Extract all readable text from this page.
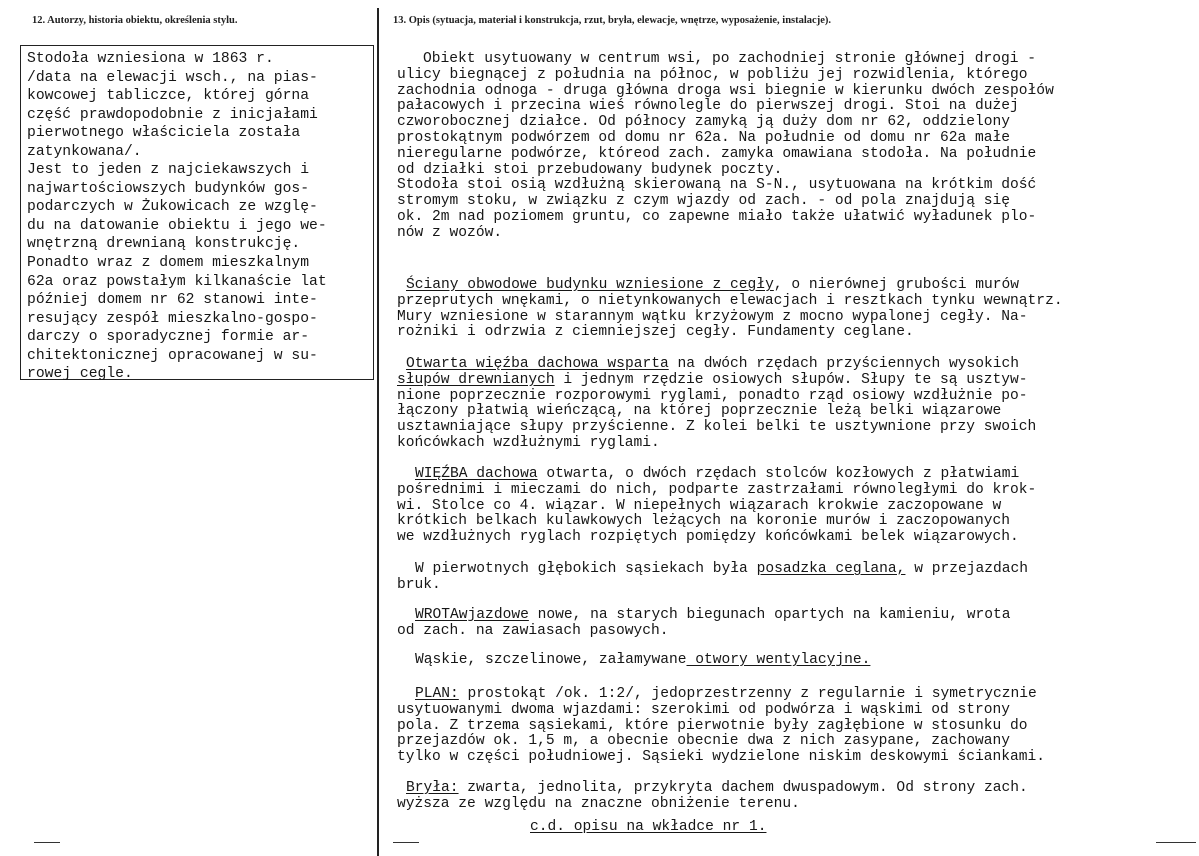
12. Autorzy, historia obiektu, określenia stylu.	13. Opis (sytuacja, materiał i konstrukcja, rzut, bryła, elewacje, wnętrze, wyposażenie, instalacje).
Stodoła wzniesiona w 1863 r.
/data na elewacji wsch., na pias-
kowcowej tabliczce, której górna
część prawdopodobnie z inicjałami
pierwotnego właściciela została
zatynkowana/.
Jest to jeden z najciekawszych i
najwartościowszych budynków gos-
podarczych w Żukowicach ze wzglę-
du na datowanie obiektu i jego we-
wnętrzną drewnianą konstrukcję.
Ponadto wraz z domem mieszkalnym
62a oraz powstałym kilkanaście lat
później domem nr 62 stanowi inte-
resujący zespół mieszkalno-gospo-
darczy o sporadycznej formie ar-
chitektonicznej opracowanej w su-
rowej cegle.
Obiekt usytuowany w centrum wsi, po zachodniej stronie głównej drogi -
ulicy biegnącej z południa na północ, w pobliżu jej rozwidlenia, którego
zachodnia odnoga - druga główna droga wsi biegnie w kierunku dwóch zespołów
pałacowych i przecina wieś równolegle do pierwszej drogi. Stoi na dużej
czworobocznej działce. Od północy zamyką ją duży dom nr 62, oddzielony
prostokątnym podwórzem od domu nr 62a. Na południe od domu nr 62a małe
nieregularne podwórze, któreod zach. zamyka omawiana stodoła. Na południe
od działki stoi przebudowany budynek poczty.
Stodoła stoi osią wzdłużną skierowaną na S-N., usytuowana na krótkim dość
stromym stoku, w związku z czym wjazdy od zach. - od pola znajdują się
ok. 2m nad poziomem gruntu, co zapewne miało także ułatwić wyładunek plo-
nów z wozów.
Ściany obwodowe budynku wzniesione z cegły, o nierównej grubości murów
przeprutych wnękami, o nietynkowanych elewacjach i resztkach tynku wewnątrz.
Mury wzniesione w starannym wątku krzyżowym z mocno wypalonej cegły. Na-
rożniki i odrzwia z ciemniejszej cegły. Fundamenty ceglane.
Otwarta więźba dachowa wsparta na dwóch rzędach przyściennych wysokich
słupów drewnianych i jednym rzędzie osiowych słupów. Słupy te są usztyw-
nione poprzecznie rozporowymi ryglami, ponadto rząd osiowy wzdłużnie po-
łączony płatwią wieńczącą, na której poprzecznie leżą belki wiązarowe
usztawniające słupy przyścienne. Z kolei belki te usztywnione przy swoich
końcówkach wzdłużnymi ryglami.
WIĘŹBA dachowa otwarta, o dwóch rzędach stolców kozłowych z płatwiami
pośrednimi i mieczami do nich, podparte zastrzałami równoległymi do krok-
wi. Stolce co 4. wiązar. W niepełnych wiązarach krokwie zaczopowane w
krótkich belkach kulawkowych leżących na koronie murów i zaczopowanych
we wzdłużnych ryglach rozpiętych pomiędzy końcówkami belek wiązarowych.
W pierwotnych głębokich sąsiekach była posadzka ceglana, w przejazdach
bruk.
WROTAwjazdowe nowe, na starych biegunach opartych na kamieniu, wrota
od zach. na zawiasach pasowych.
Wąskie, szczelinowe, załamywane otwory wentylacyjne.
PLAN: prostokąt /ok. 1:2/, jedoprzestrzenny z regularnie i symetrycznie
usytuowanymi dwoma wjazdami: szerokimi od podwórza i wąskimi od strony
pola. Z trzema sąsiekami, które pierwotnie były zagłębione w stosunku do
przejazdów ok. 1,5 m, a obecnie obecnie dwa z nich zasypane, zachowany
tylko w części południowej. Sąsieki wydzielone niskim deskowymi ściankami.
Bryła: zwarta, jednolita, przykryta dachem dwuspadowym. Od strony zach.
wyższa ze względu na znaczne obniżenie terenu.
c.d. opisu na wkładce nr 1.
